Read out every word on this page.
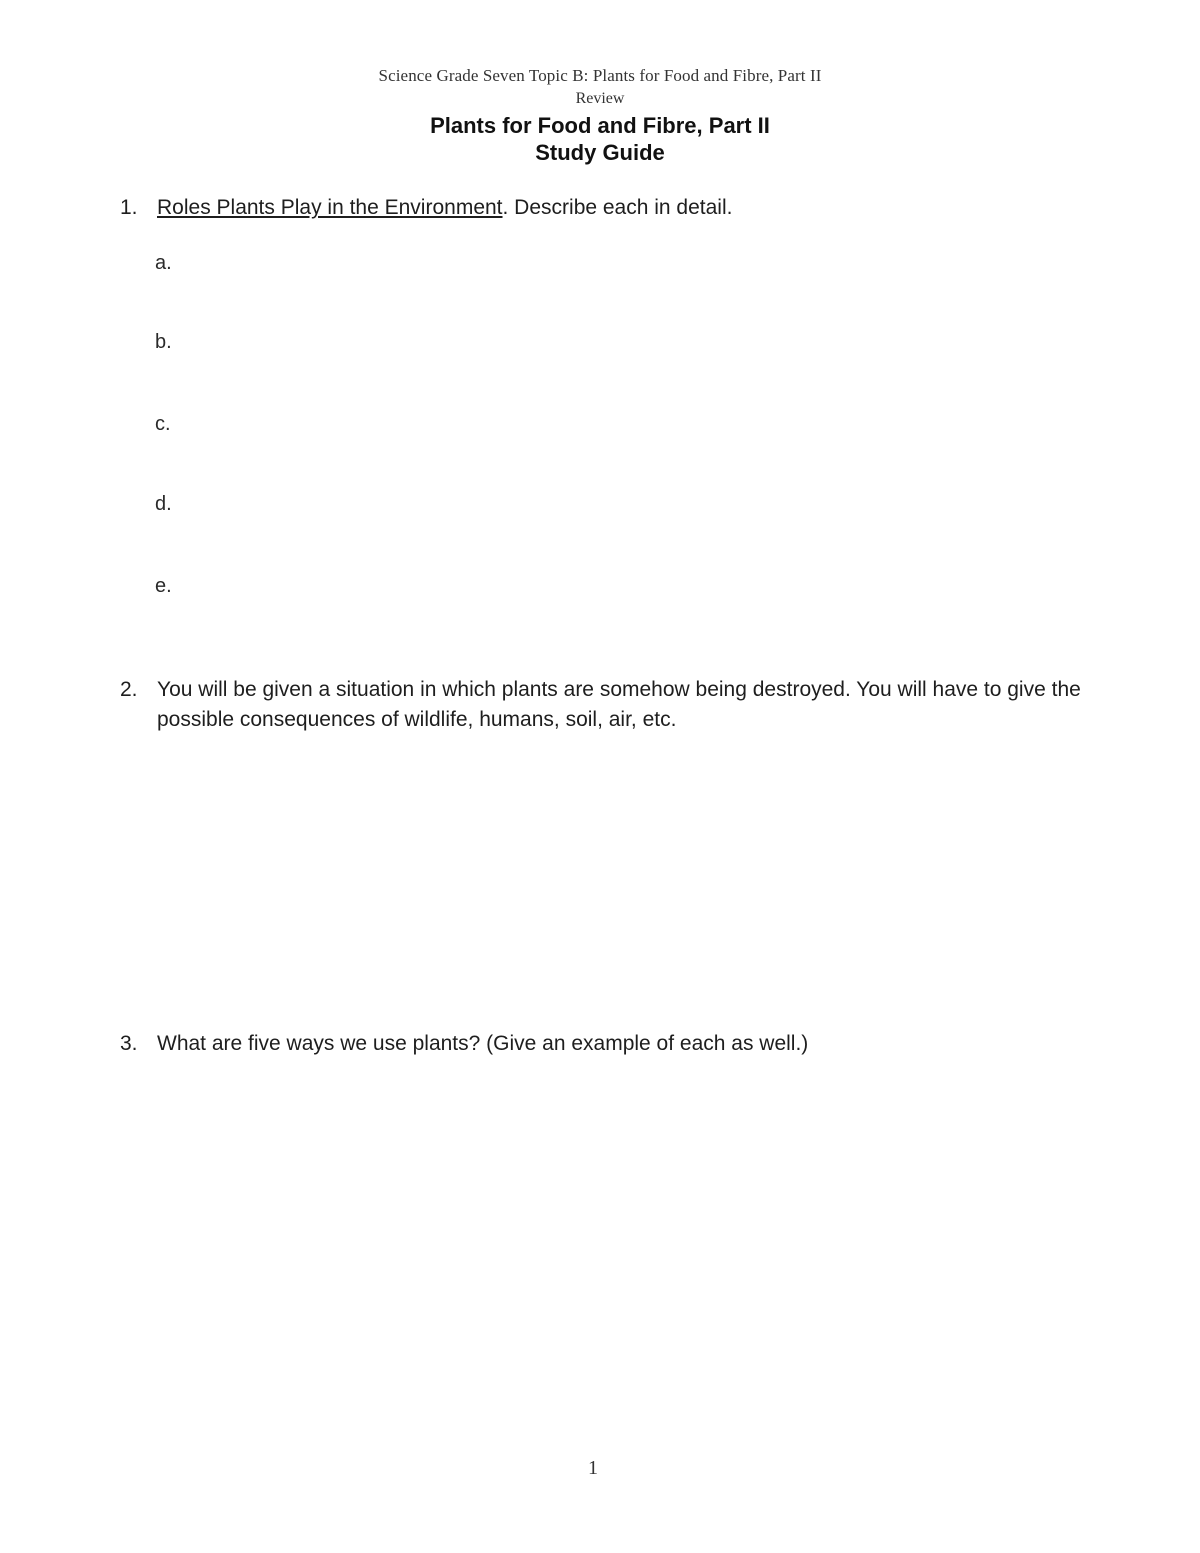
Science Grade Seven Topic B: Plants for Food and Fibre, Part II
Review
Plants for Food and Fibre, Part II
Study Guide
1. Roles Plants Play in the Environment. Describe each in detail.
a.
b.
c.
d.
e.
2. You will be given a situation in which plants are somehow being destroyed. You will have to give the possible consequences of wildlife, humans, soil, air, etc.
3. What are five ways we use plants? (Give an example of each as well.)
1
